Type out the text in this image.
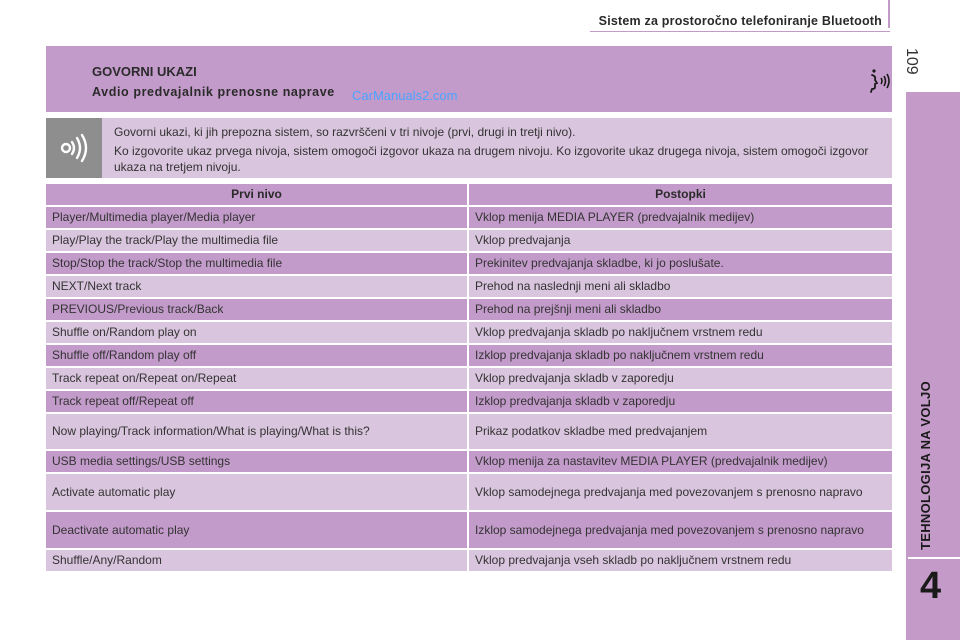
Sistem za prostoročno telefoniranje Bluetooth
109
TEHNOLOGIJA NA VOLJO
4
GOVORNI UKAZI
Avdio predvajalnik prenosne naprave CarManuals2.com

Govorni ukazi, ki jih prepozna sistem, so razvrščeni v tri nivoje (prvi, drugi in tretji nivo).

Ko izgovorite ukaz prvega nivoja, sistem omogoči izgovor ukaza na drugem nivoju. Ko izgovorite ukaz drugega nivoja, sistem omogoči izgovor ukaza na tretjem nivoju.

Prvi nivo	Postopki
Player/Multimedia player/Media player	Vklop menija MEDIA PLAYER (predvajalnik medijev)
Play/Play the track/Play the multimedia file	Vklop predvajanja
Stop/Stop the track/Stop the multimedia file	Prekinitev predvajanja skladbe, ki jo poslušate.
NEXT/Next track	Prehod na naslednji meni ali skladbo
PREVIOUS/Previous track/Back	Prehod na prejšnji meni ali skladbo
Shuffle on/Random play on	Vklop predvajanja skladb po naključnem vrstnem redu
Shuffle off/Random play off	Izklop predvajanja skladb po naključnem vrstnem redu
Track repeat on/Repeat on/Repeat	Vklop predvajanja skladb v zaporedju
Track repeat off/Repeat off	Izklop predvajanja skladb v zaporedju
Now playing/Track information/What is playing/What is this?	Prikaz podatkov skladbe med predvajanjem
USB media settings/USB settings	Vklop menija za nastavitev MEDIA PLAYER (predvajalnik medijev)
Activate automatic play	Vklop samodejnega predvajanja med povezovanjem s prenosno napravo
Deactivate automatic play	Izklop samodejnega predvajanja med povezovanjem s prenosno napravo
Shuffle/Any/Random	Vklop predvajanja vseh skladb po naključnem vrstnem redu
